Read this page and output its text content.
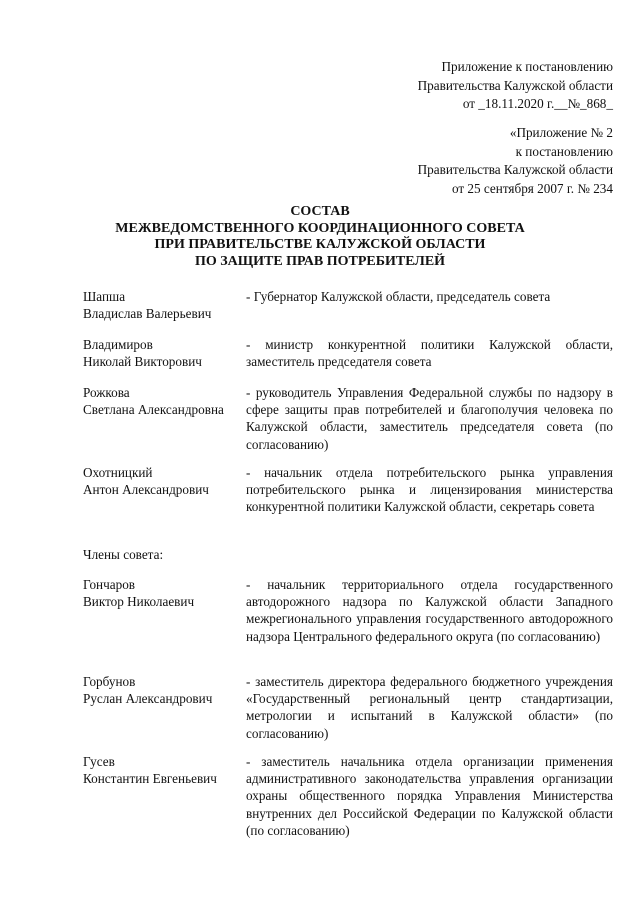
Приложение к постановлению
Правительства Калужской области
от _18.11.2020 г.__№_868_
«Приложение № 2
к постановлению
Правительства Калужской области
от 25 сентября 2007 г. № 234
СОСТАВ
МЕЖВЕДОМСТВЕННОГО КООРДИНАЦИОННОГО СОВЕТА
ПРИ ПРАВИТЕЛЬСТВЕ КАЛУЖСКОЙ ОБЛАСТИ
ПО ЗАЩИТЕ ПРАВ ПОТРЕБИТЕЛЕЙ
Шапша
Владислав Валерьевич
- Губернатор Калужской области, председатель совета
Владимиров
Николай Викторович
- министр конкурентной политики Калужской области, заместитель председателя совета
Рожкова
Светлана Александровна
- руководитель Управления Федеральной службы по надзору в сфере защиты прав потребителей и благополучия человека по Калужской области, заместитель председателя совета (по согласованию)
Охотницкий
Антон Александрович
- начальник отдела потребительского рынка управления потребительского рынка и лицензирования министерства конкурентной политики Калужской области, секретарь совета
Члены совета:
Гончаров
Виктор Николаевич
- начальник территориального отдела государственного автодорожного надзора по Калужской области Западного межрегионального управления государственного автодорожного надзора Центрального федерального округа (по согласованию)
Горбунов
Руслан Александрович
- заместитель директора федерального бюджетного учреждения «Государственный региональный центр стандартизации, метрологии и испытаний в Калужской области» (по согласованию)
Гусев
Константин Евгеньевич
- заместитель начальника отдела организации применения административного законодательства управления организации охраны общественного порядка Управления Министерства внутренних дел Российской Федерации по Калужской области (по согласованию)
